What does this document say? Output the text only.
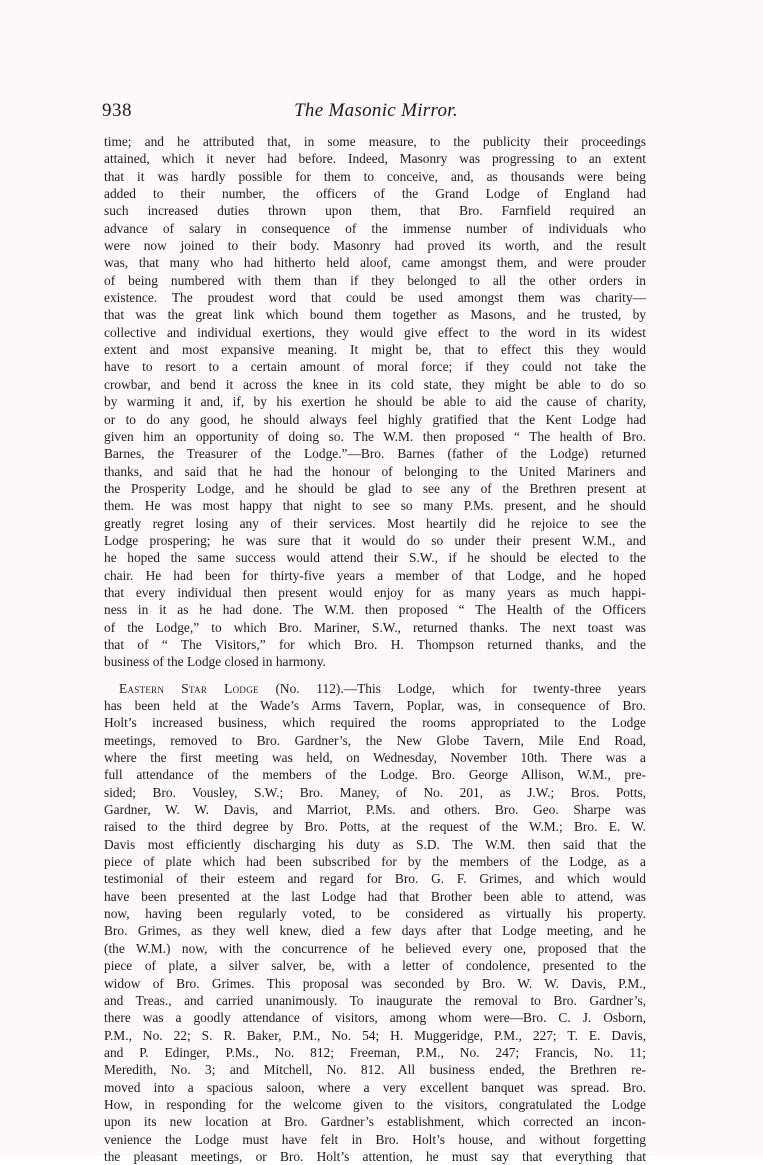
938	The Masonic Mirror.

time; and he attributed that, in some measure, to the publicity their proceedings

attained, which it never had before. Indeed, Masonry was progressing to an extent

that it was hardly possible for them to conceive, and, as thousands were being

added to their number, the officers of the Grand Lodge of England had

such increased duties thrown upon them, that Bro. Farnfield required an

advance of salary in consequence of the immense number of individuals who

were now joined to their body. Masonry had proved its worth, and the result

was, that many who had hitherto held aloof, came amongst them, and were prouder

of being numbered with them than if they belonged to all the other orders in

existence. The proudest word that could be used amongst them was charity—

that was the great link which bound them together as Masons, and he trusted, by

collective and individual exertions, they would give effect to the word in its widest

extent and most expansive meaning. It might be, that to effect this they would

have to resort to a certain amount of moral force; if they could not take the

crowbar, and bend it across the knee in its cold state, they might be able to do so

by warming it and, if, by his exertion he should be able to aid the cause of charity,

or to do any good, he should always feel highly gratified that the Kent Lodge had

given him an opportunity of doing so. The W.M. then proposed “ The health of Bro.

Barnes, the Treasurer of the Lodge.”—Bro. Barnes (father of the Lodge) returned

thanks, and said that he had the honour of belonging to the United Mariners and

the Prosperity Lodge, and he should be glad to see any of the Brethren present at

them. He was most happy that night to see so many P.Ms. present, and he should

greatly regret losing any of their services. Most heartily did he rejoice to see the

Lodge prospering; he was sure that it would do so under their present W.M., and

he hoped the same success would attend their S.W., if he should be elected to the

chair. He had been for thirty-five years a member of that Lodge, and he hoped

that every individual then present would enjoy for as many years as much happi-

ness in it as he had done. The W.M. then proposed “ The Health of the Officers

of the Lodge,” to which Bro. Mariner, S.W., returned thanks. The next toast was

that of “ The Visitors,” for which Bro. H. Thompson returned thanks, and the

business of the Lodge closed in harmony.

Eastern Star Lodge (No. 112).—This Lodge, which for twenty-three years

has been held at the Wade’s Arms Tavern, Poplar, was, in consequence of Bro.

Holt’s increased business, which required the rooms appropriated to the Lodge

meetings, removed to Bro. Gardner’s, the New Globe Tavern, Mile End Road,

where the first meeting was held, on Wednesday, November 10th. There was a

full attendance of the members of the Lodge. Bro. George Allison, W.M., pre-

sided; Bro. Vousley, S.W.; Bro. Maney, of No. 201, as J.W.; Bros. Potts,

Gardner, W. W. Davis, and Marriot, P.Ms. and others. Bro. Geo. Sharpe was

raised to the third degree by Bro. Potts, at the request of the W.M.; Bro. E. W.

Davis most efficiently discharging his duty as S.D. The W.M. then said that the

piece of plate which had been subscribed for by the members of the Lodge, as a

testimonial of their esteem and regard for Bro. G. F. Grimes, and which would

have been presented at the last Lodge had that Brother been able to attend, was

now, having been regularly voted, to be considered as virtually his property.

Bro. Grimes, as they well knew, died a few days after that Lodge meeting, and he

(the W.M.) now, with the concurrence of he believed every one, proposed that the

piece of plate, a silver salver, be, with a letter of condolence, presented to the

widow of Bro. Grimes. This proposal was seconded by Bro. W. W. Davis, P.M.,

and Treas., and carried unanimously. To inaugurate the removal to Bro. Gardner’s,

there was a goodly attendance of visitors, among whom were—Bro. C. J. Osborn,

P.M., No. 22; S. R. Baker, P.M., No. 54; H. Muggeridge, P.M., 227; T. E. Davis,

and P. Edinger, P.Ms., No. 812; Freeman, P.M., No. 247; Francis, No. 11;

Meredith, No. 3; and Mitchell, No. 812. All business ended, the Brethren re-

moved into a spacious saloon, where a very excellent banquet was spread. Bro.

How, in responding for the welcome given to the visitors, congratulated the Lodge

upon its new location at Bro. Gardner’s establishment, which corrected an incon-

venience the Lodge must have felt in Bro. Holt’s house, and without forgetting

the pleasant meetings, or Bro. Holt’s attention, he must say that everything that
